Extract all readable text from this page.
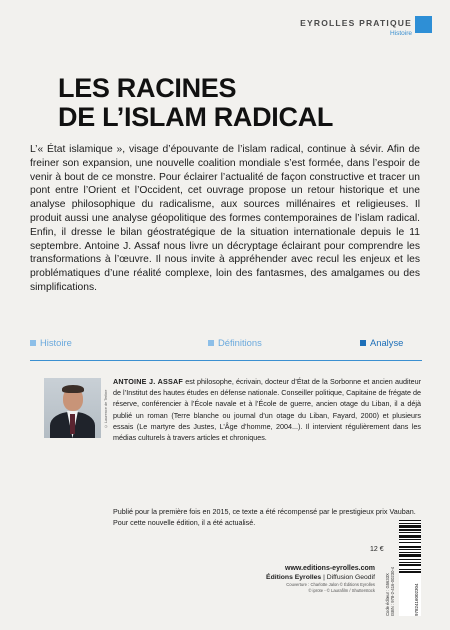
EYROLLES PRATIQUE
Histoire
LES RACINES
DE L’ISLAM RADICAL

L’« État islamique », visage d’épouvante de l’islam radical, continue à sévir. Afin de freiner son expansion, une nouvelle coalition mondiale s’est formée, dans l’espoir de venir à bout de ce monstre. Pour éclairer l’actualité de façon constructive et tracer un pont entre l’Orient et l’Occident, cet ouvrage propose un retour historique et une analyse philosophique du radicalisme, aux sources millénaires et religieuses. Il produit aussi une analyse géopolitique des formes contemporaines de l’islam radical. Enfin, il dresse le bilan géostratégique de la situation internationale depuis le 11 septembre. Antoine J. Assaf nous livre un décryptage éclairant pour comprendre les transformations à l’œuvre. Il nous invite à appréhender avec recul les enjeux et les problématiques d’une réalité complexe, loin des fantasmes, des amalgames ou des simplifications.

Histoire	Définitions	Analyse
© Laurence de Terline

ANTOINE J. ASSAF est philosophe, écrivain, docteur d’État de la Sorbonne et ancien auditeur de l’Institut des hautes études en défense nationale. Conseiller politique, Capitaine de frégate de réserve, conférencier à l’École navale et à l’École de guerre, ancien otage du Liban, il a déjà publié un roman (Terre blanche ou journal d’un otage du Liban, Fayard, 2000) et plusieurs essais (Le martyre des Justes, L’Âge d’homme, 2004...). Il intervient régulièrement dans les médias culturels à travers articles et chroniques.

Publié pour la première fois en 2015, ce texte a été récompensé par le prestigieux prix Vauban. Pour cette nouvelle édition, il a été actualisé.

12 €
www.editions-eyrolles.com
Éditions Eyrolles | Diffusion Geodif
Couverture : Charlotte Jalon © Éditions Eyrolles
© iprote - © Laurafilm / Shutterstock Code éditeur : G5633X
ISBN : 978-2-416-00230-4	9782416002304
